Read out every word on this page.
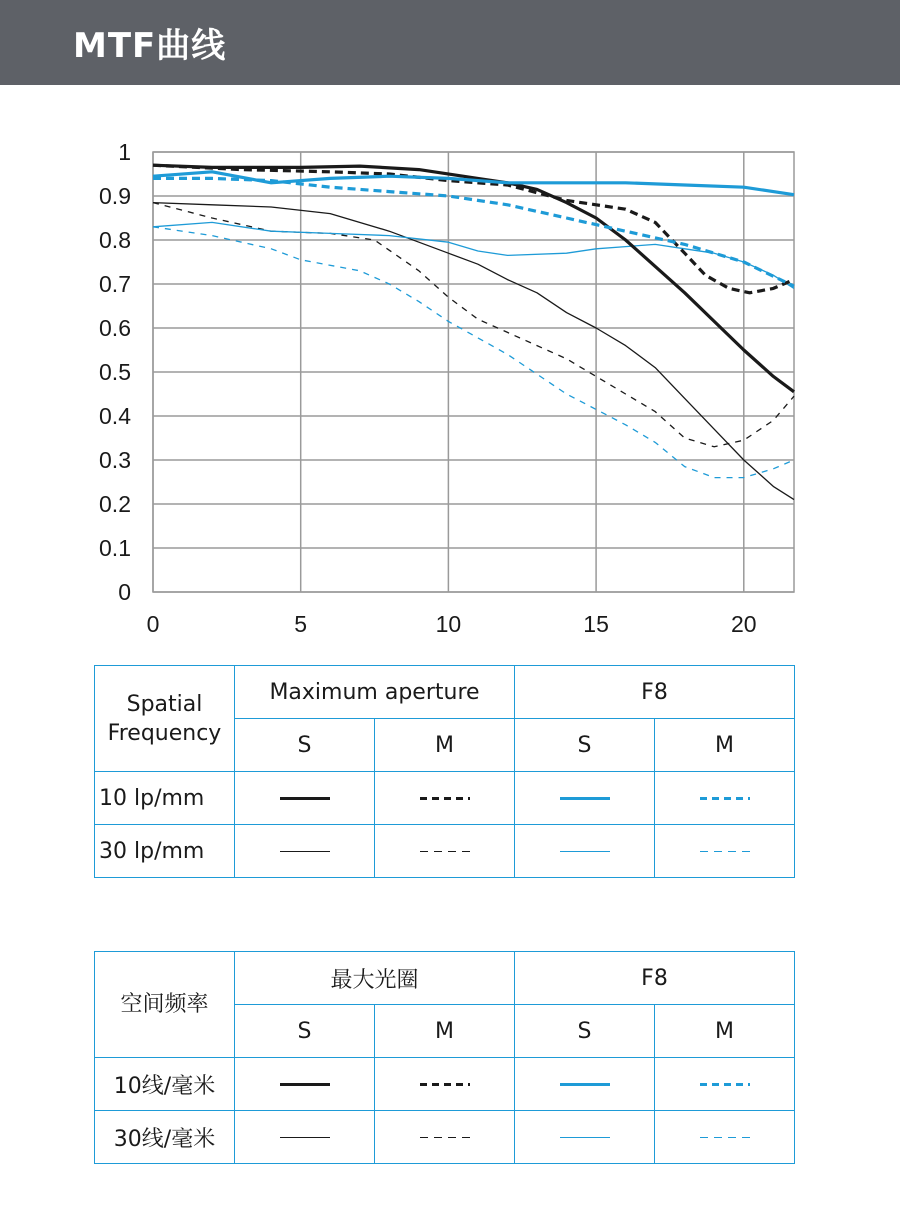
MTF曲线
0
0.1
0.2
0.3
0.4
0.5
0.6
0.7
0.8
0.9
1
0	5	10	15	20
Spatial
Frequency	Maximum aperture		F8	
	S	M	S	M
10 lp/mm				
30 lp/mm				
空间频率	最大光圈		F8	
	S	M	S	M
10线/毫米				
30线/毫米				
